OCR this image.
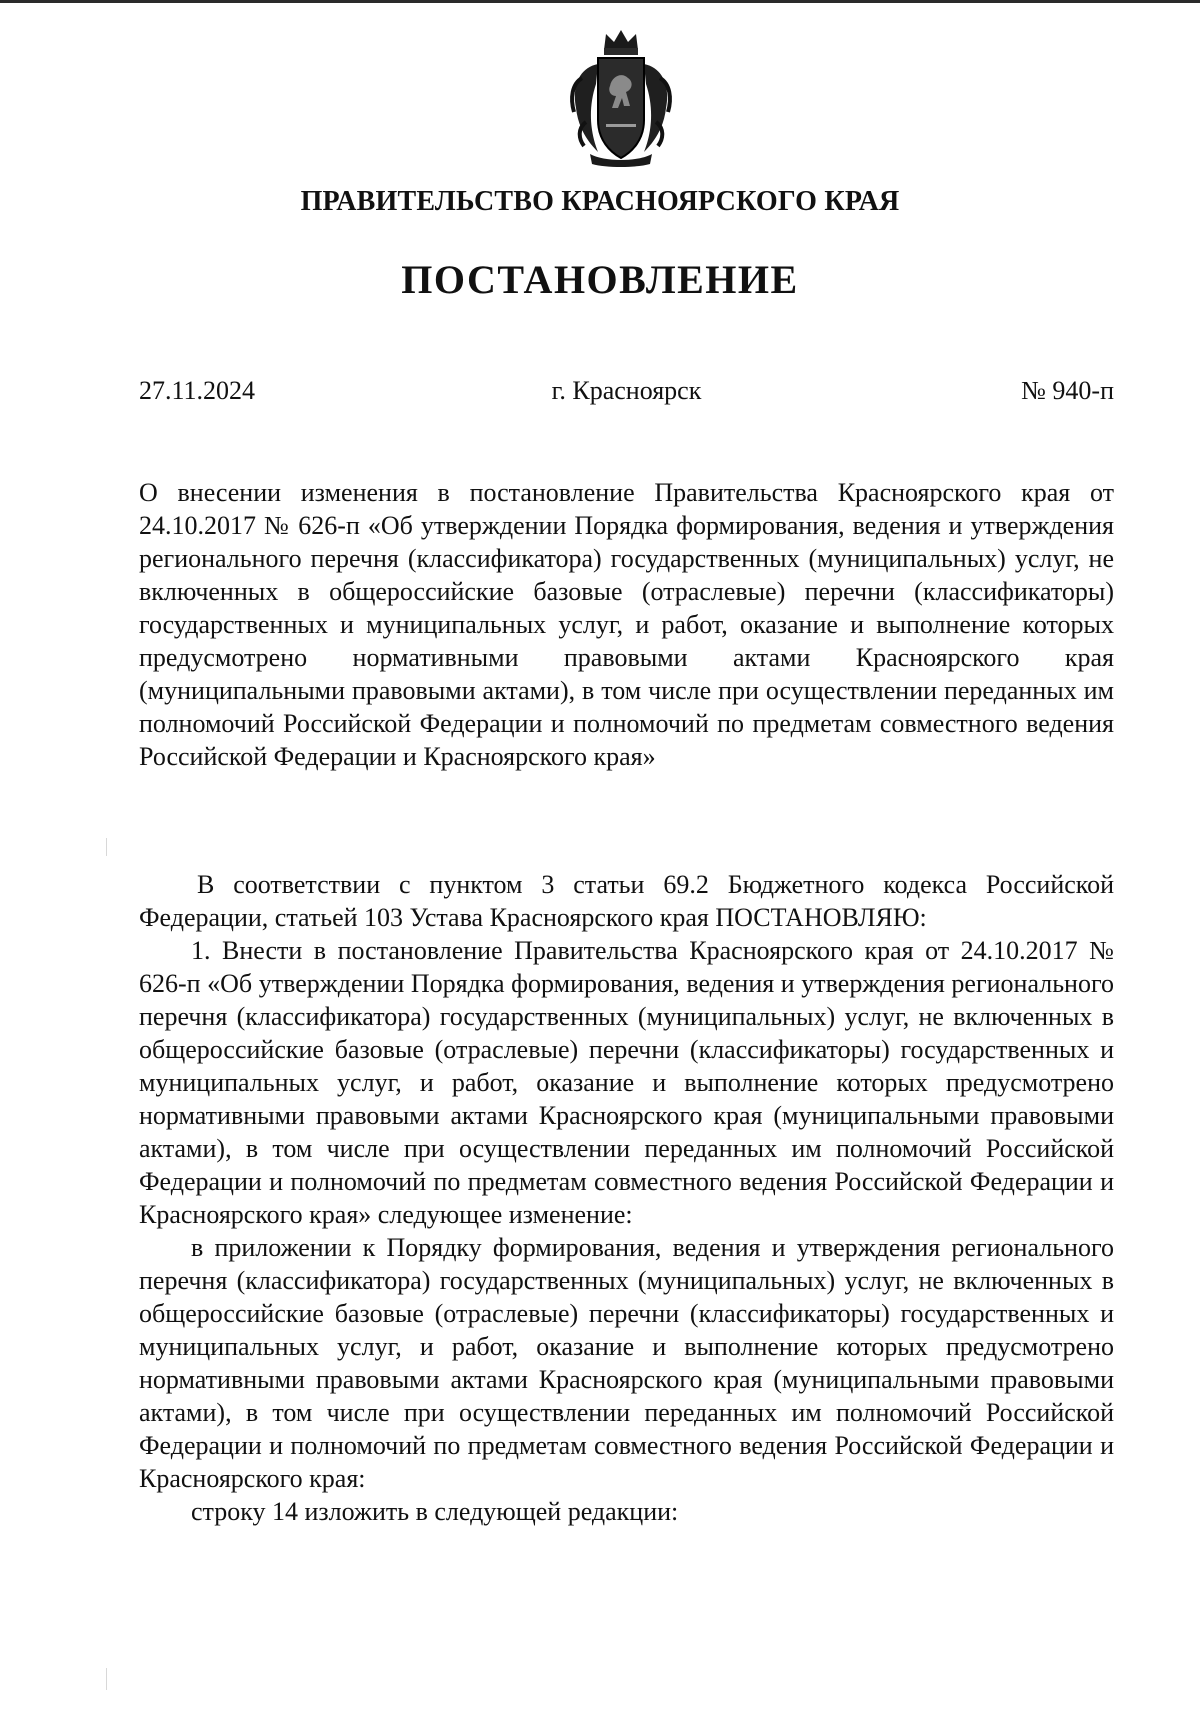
ПРАВИТЕЛЬСТВО КРАСНОЯРСКОГО КРАЯ
ПОСТАНОВЛЕНИЕ
27.11.2024	г. Красноярск	№ 940-п
О внесении изменения в постановление Правительства Красноярского края от 24.10.2017 № 626-п «Об утверждении Порядка формирования, ведения и утверждения регионального перечня (классификатора) государственных (муниципальных) услуг, не включенных в общероссийские базовые (отраслевые) перечни (классификаторы) государственных и муниципальных услуг, и работ, оказание и выполнение которых предусмотрено нормативными правовыми актами Красноярского края (муниципальными правовыми актами), в том числе при осуществлении переданных им полномочий Российской Федерации и полномочий по предметам совместного ведения Российской Федерации и Красноярского края»

В соответствии с пунктом 3 статьи 69.2 Бюджетного кодекса Российской Федерации, статьей 103 Устава Красноярского края ПОСТАНОВЛЯЮ:

1. Внести в постановление Правительства Красноярского края от 24.10.2017 № 626-п «Об утверждении Порядка формирования, ведения и утверждения регионального перечня (классификатора) государственных (муниципальных) услуг, не включенных в общероссийские базовые (отраслевые) перечни (классификаторы) государственных и муниципальных услуг, и работ, оказание и выполнение которых предусмотрено нормативными правовыми актами Красноярского края (муниципальными правовыми актами), в том числе при осуществлении переданных им полномочий Российской Федерации и полномочий по предметам совместного ведения Российской Федерации и Красноярского края» следующее изменение:

в приложении к Порядку формирования, ведения и утверждения регионального перечня (классификатора) государственных (муниципальных) услуг, не включенных в общероссийские базовые (отраслевые) перечни (классификаторы) государственных и муниципальных услуг, и работ, оказание и выполнение которых предусмотрено нормативными правовыми актами Красноярского края (муниципальными правовыми актами), в том числе при осуществлении переданных им полномочий Российской Федерации и полномочий по предметам совместного ведения Российской Федерации и Красноярского края:

строку 14 изложить в следующей редакции:
